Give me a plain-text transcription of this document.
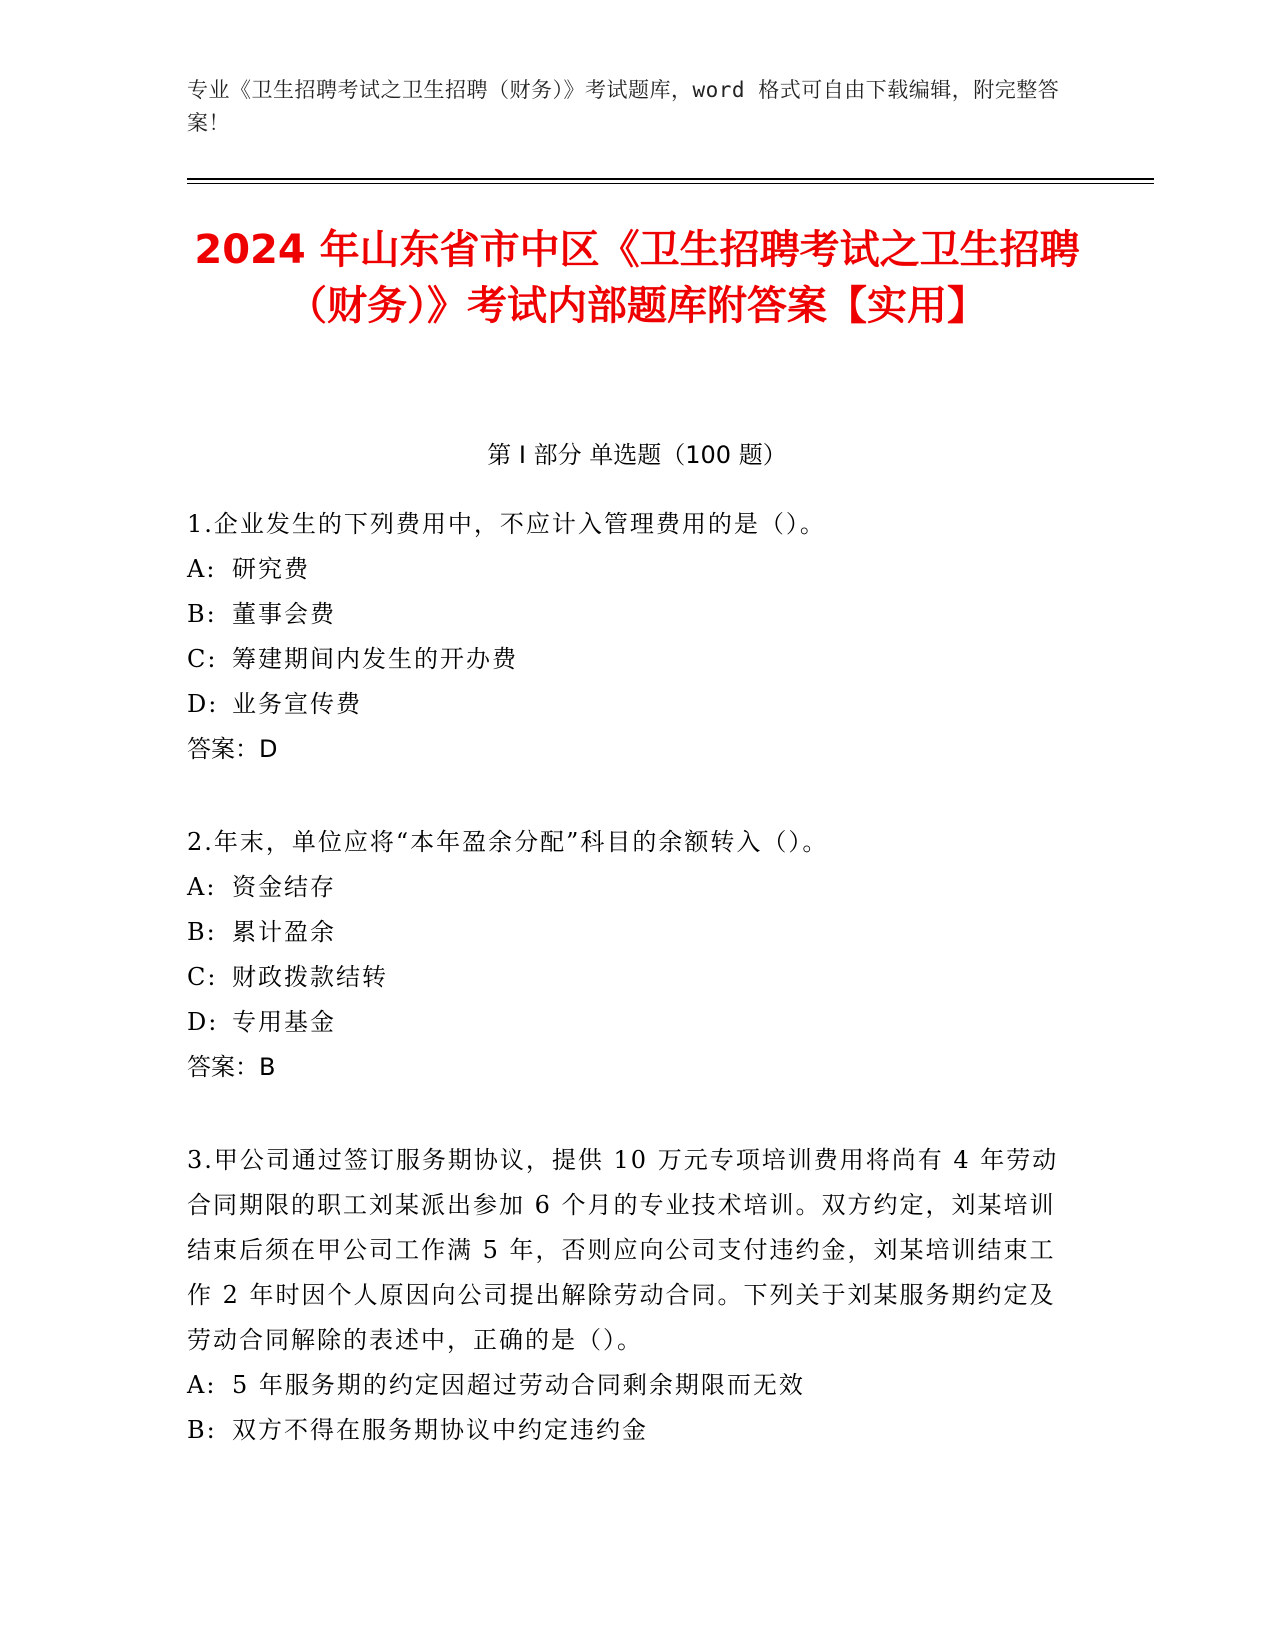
专业《卫生招聘考试之卫生招聘（财务）》考试题库，word 格式可自由下载编辑，附完整答案！
2024 年山东省市中区《卫生招聘考试之卫生招聘（财务）》考试内部题库附答案【实用】
第 I 部分 单选题（100 题）
1.企业发生的下列费用中，不应计入管理费用的是（）。
A: 研究费
B: 董事会费
C: 筹建期间内发生的开办费
D: 业务宣传费
答案：D
2.年末，单位应将“本年盈余分配”科目的余额转入（）。
A: 资金结存
B: 累计盈余
C: 财政拨款结转
D: 专用基金
答案：B
3.甲公司通过签订服务期协议，提供 10 万元专项培训费用将尚有 4 年劳动合同期限的职工刘某派出参加 6 个月的专业技术培训。双方约定，刘某培训结束后须在甲公司工作满 5 年，否则应向公司支付违约金，刘某培训结束工作 2 年时因个人原因向公司提出解除劳动合同。下列关于刘某服务期约定及劳动合同解除的表述中，正确的是（）。
A: 5 年服务期的约定因超过劳动合同剩余期限而无效
B: 双方不得在服务期协议中约定违约金
